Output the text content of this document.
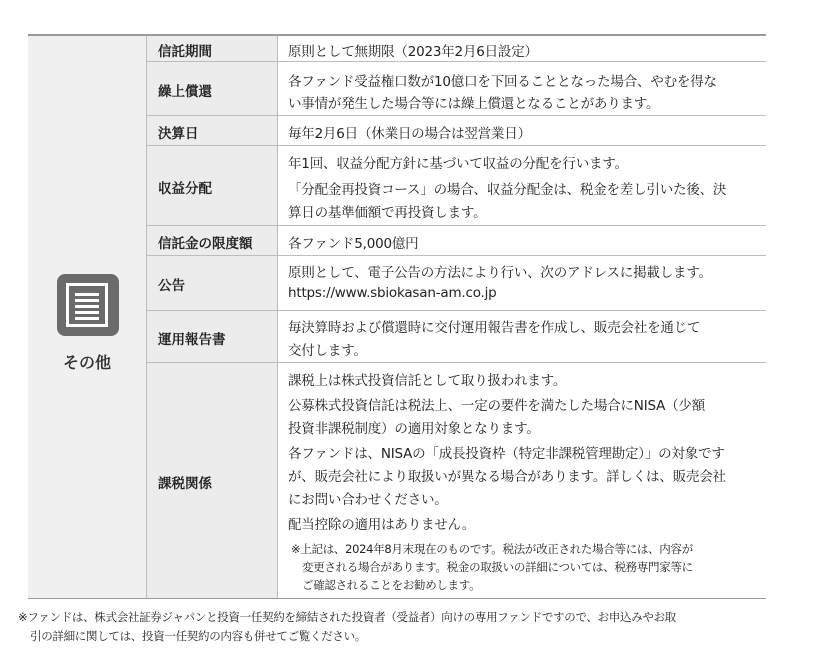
その他
信託期間
繰上償還
決算日
収益分配
信託金の限度額
公告
運用報告書
課税関係
原則として無期限（2023年2月6日設定）
各ファンド受益権口数が10億口を下回ることとなった場合、やむを得な
い事情が発生した場合等には繰上償還となることがあります。
毎年2月6日（休業日の場合は翌営業日）
年1回、収益分配方針に基づいて収益の分配を行います。
「分配金再投資コース」の場合、収益分配金は、税金を差し引いた後、決
算日の基準価額で再投資します。
各ファンド5,000億円
原則として、電子公告の方法により行い、次のアドレスに掲載します。
https://www.sbiokasan-am.co.jp
毎決算時および償還時に交付運用報告書を作成し、販売会社を通じて
交付します。
課税上は株式投資信託として取り扱われます。
公募株式投資信託は税法上、一定の要件を満たした場合にNISA（少額
投資非課税制度）の適用対象となります。
各ファンドは、NISAの「成長投資枠（特定非課税管理勘定）」の対象です
が、販売会社により取扱いが異なる場合があります。詳しくは、販売会社
にお問い合わせください。
配当控除の適用はありません。
※上記は、2024年8月末現在のものです。税法が改正された場合等には、内容が
変更される場合があります。税金の取扱いの詳細については、税務専門家等に
ご確認されることをお勧めします。
※ファンドは、株式会社証券ジャパンと投資一任契約を締結された投資者（受益者）向けの専用ファンドですので、お申込みやお取
引の詳細に関しては、投資一任契約の内容も併せてご覧ください。
